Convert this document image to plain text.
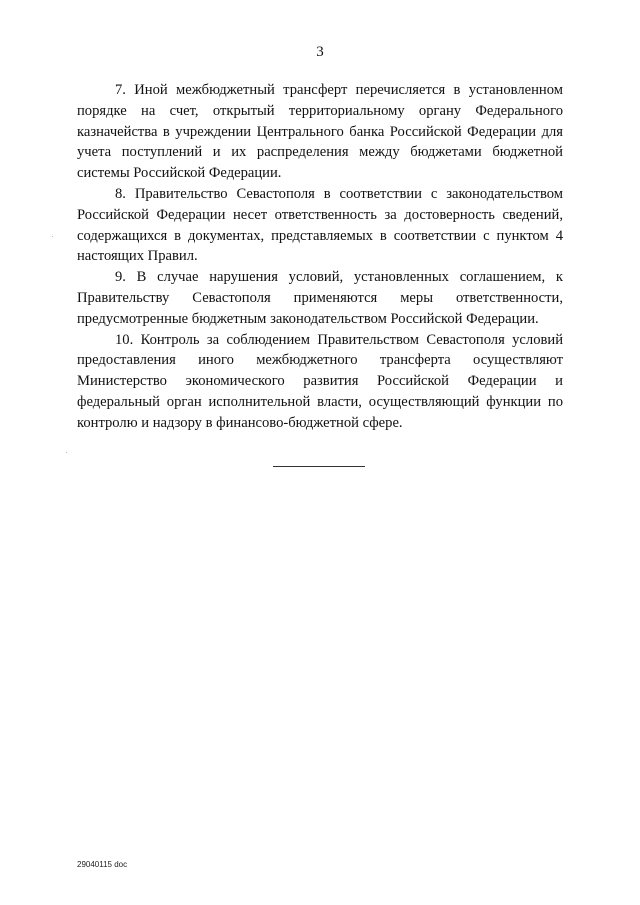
3

7. Иной межбюджетный трансферт перечисляется в установленном порядке на счет, открытый территориальному органу Федерального казначейства в учреждении Центрального банка Российской Федерации для учета поступлений и их распределения между бюджетами бюджетной системы Российской Федерации.

8. Правительство Севастополя в соответствии с законодательством Российской Федерации несет ответственность за достоверность сведений, содержащихся в документах, представляемых в соответствии с пунктом 4 настоящих Правил.

9. В случае нарушения условий, установленных соглашением, к Правительству Севастополя применяются меры ответственности, предусмотренные бюджетным законодательством Российской Федерации.

10. Контроль за соблюдением Правительством Севастополя условий предоставления иного межбюджетного трансферта осуществляют Министерство экономического развития Российской Федерации и федеральный орган исполнительной власти, осуществляющий функции по контролю и надзору в финансово-бюджетной сфере.

29040115 doc
